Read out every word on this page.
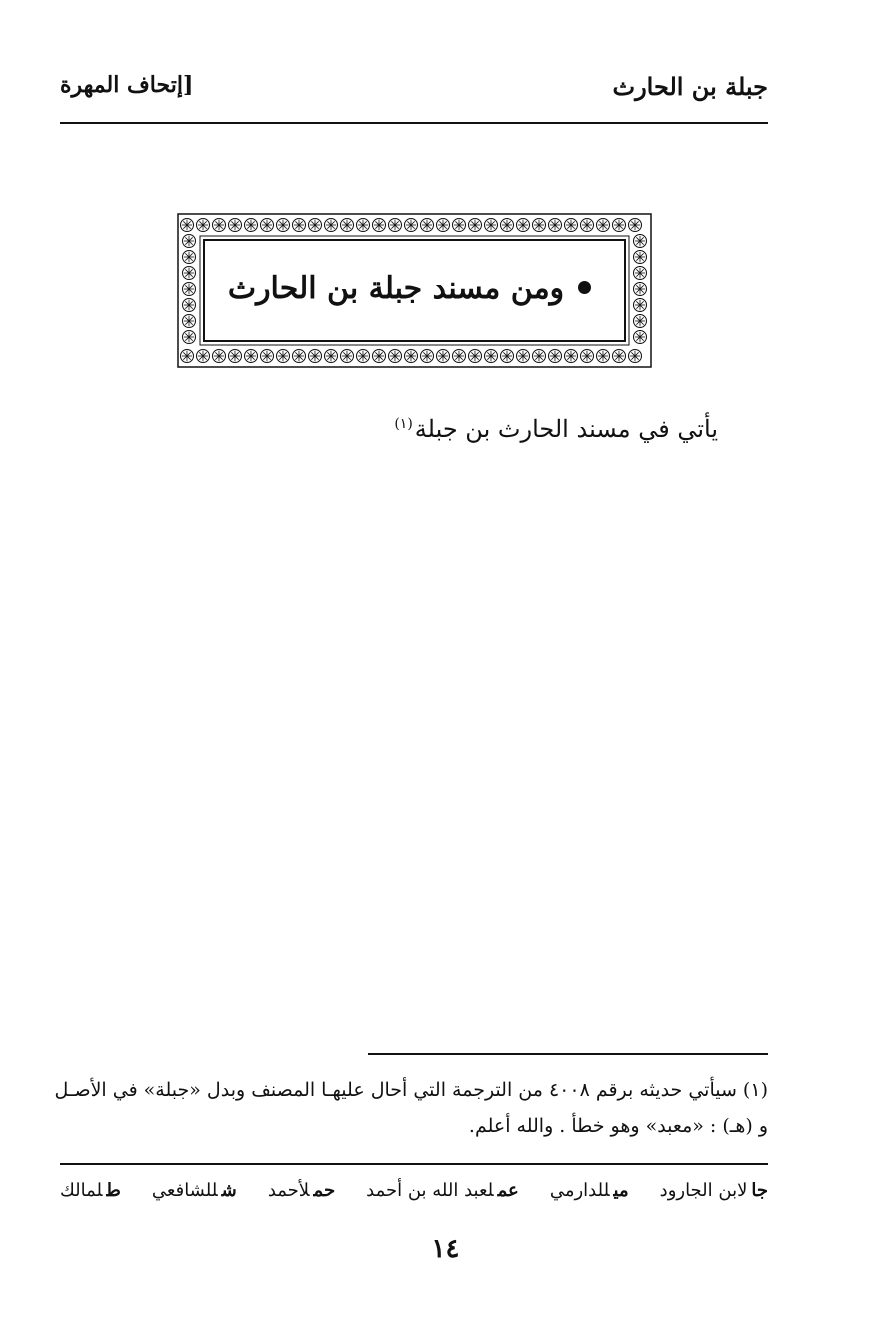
جبلة بن الحارث
[إتحاف المهرة
ومن مسند جبلة بن الحارث
يأتي في مسند الحارث بن جبلة$^{(١)}$
(١) سيأتي حديثه برقم ٤٠٠٨ من الترجمة التي أحال عليهـا المصنف وبدل «جبلة» في الأصـل
و (هـ) : «معبد» وهو خطأ . والله أعلم.
طلمالك	شللشافعي	حملأحمد	عملعبد الله بن أحمد	ميللدارمي	جالابن الجارود
١٤
